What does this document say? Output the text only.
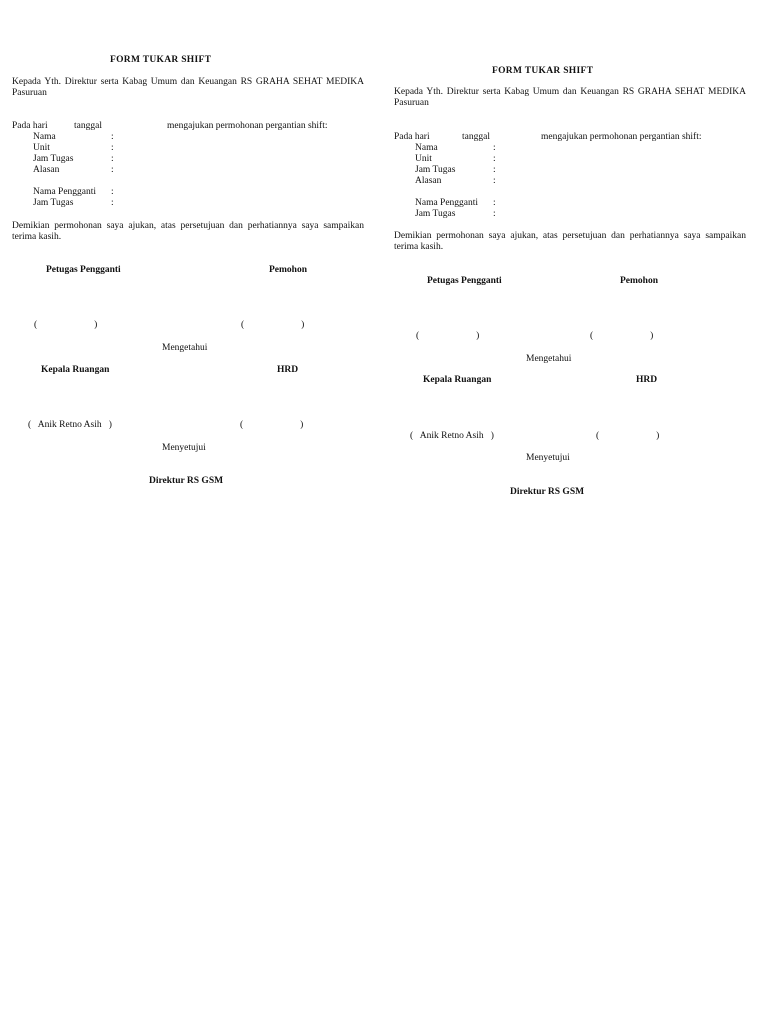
FORM TUKAR SHIFT
Kepada Yth. Direktur serta Kabag Umum dan Keuangan RS GRAHA SEHAT MEDIKA Pasuruan
Pada hari	tanggal	mengajukan permohonan pergantian shift:
Nama	:
Unit	:
Jam Tugas	:
Alasan	:
Nama Pengganti :
Jam Tugas	:
Demikian permohonan saya ajukan, atas persetujuan dan perhatiannya saya sampaikan terima kasih.
Petugas Pengganti	Pemohon
(                        )	(                        )
Mengetahui
Kepala Ruangan	HRD
(   Anik Retno Asih   )	(                        )
Menyetujui
Direktur RS GSM
FORM TUKAR SHIFT
Kepada Yth. Direktur serta Kabag Umum dan Keuangan RS GRAHA SEHAT MEDIKA Pasuruan
Pada hari	tanggal	mengajukan permohonan pergantian shift:
Nama	:
Unit	:
Jam Tugas	:
Alasan	:
Nama Pengganti :
Jam Tugas	:
Demikian permohonan saya ajukan, atas persetujuan dan perhatiannya saya sampaikan terima kasih.
Petugas Pengganti	Pemohon
(                        )	(                        )
Mengetahui
Kepala Ruangan	HRD
(   Anik Retno Asih   )	(                        )
Menyetujui
Direktur RS GSM
